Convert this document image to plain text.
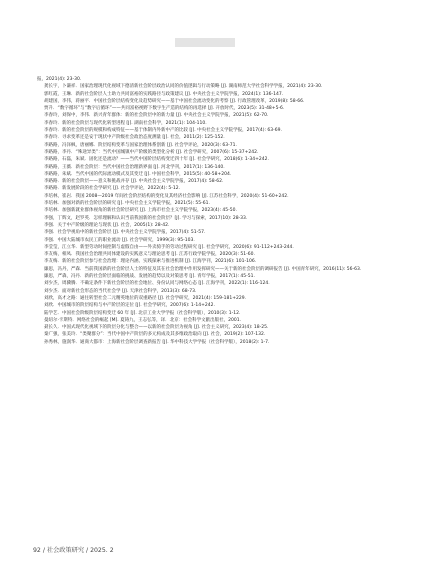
报，2021(4): 23-30.
龚长宇，卜谦祥．国家治理现代化视域下德清新社会阶层政治认同的价值逻辑与行动策略 [J]. 湖南师范大学社会科学学报，2021(4): 23-30.
郭红霞，王琳．新的社会阶层人士助力共同富裕的实践路径与政策建议 [J]. 中央社会主义学院学报，2024(1): 136-147.
胡建国，李伟，蒋丽平．中国社会阶层结构变化及趋势研究——基于中国社会流动变化的考察 [J]. 行政管理改革，2019(8): 58-66.
贾升．“数字循环”与“数字后循环”——共同富裕视野下数字生产造的结构的再选择 [J]. 开放时代，2023(5): 31-48+5-6.
李春玲，刘保中，李伟．新兴青年群体：新的社会阶层中的新力量 [J]. 中央社会主义学院学报，2021(5): 62-70.
李春玲．新的社会阶层与现代化转型进程 [J]. 湖南社会科学，2021(1): 104-110.
李春玲．新的社会阶层的规模和构成特征——基于体制内外新中产的比较 [J]. 中央社会主义学院学报，2017(4): 63-69.
李春玲．寻求变革还是安于现状中产阶级社会政治态度测量 [J]. 社会，2011(2): 125-152.
李路路，冯泽枫，唐丽娜．阶层结构变革与国家治理体系创新 [J]. 社会学评论，2020(3): 63-71.
李路路，李丹．“殊途异类”：当代中国城镇中产阶级的类型化分析 [J]. 社会学研究，2007(6): 15-37+242.
李路路，石磊，朱斌．固化还是流动？——当代中国阶层结构变迁四十年 [J]. 社会学研究，2018(6): 1-34+242.
李路路，王薇．新社会阶层：当代中国社会治理新界面 [J]. 河北学刊，2017(1): 136-140.
李路路，朱斌．当代中国的代际流动模式及其变迁 [J]. 中国社会科学，2015(5): 40-58+204.
李路路．新的社会阶层——意义和挑战并存 [J]. 中央社会主义学院学报，2017(4): 58-62.
李路路．新发展阶段的社会学研究 [J]. 社会学评论，2022(4): 5-12.
李培林，崔岩．我国 2008—2019 年间社会阶层结构的变化及其经济社会影响 [J]. 江苏社会科学，2020(4): 51-60+242.
李培林．加强对新的社会阶层的研究 [J]. 中央社会主义学院学报，2021(5): 55-61.
李培林．加强新就业群体视角的新社会阶层研究 [J]. 上海市社会主义学院学报，2023(4): 45-50.
李强，丁辉文，赵罗英．怎样理解和认识当前我国新的社会阶层？[J]. 学习与探索，2017(10): 28-33.
李强．关于中产阶级的理论与现状 [J]. 社会，2005(1): 28-42.
李强．社会学视角中的新社会阶层 [J]. 中央社会主义学院学报，2017(4): 51-57.
李强．中国大陆城市农民工的职业流动 [J]. 社会学研究，1999(3): 95-103.
李莹莹，江立华．新型劳动时间控制与虚假自由——外卖骑手的劳动过程研究 [J]. 社会学研究，2020(6): 91-112+243-244.
李友梅，相凤．我国社会治理共同体建设的实践意义与理论思考 [J]. 江苏行政学院学报，2020(3): 51-60.
李友梅．新的社会阶层参与社会治理：理论内涵、实践探索与推进机制 [J]. 江海学刊，2021(6): 101-106.
廉思，冯丹，严森．当前我国新的社会阶层人士的特征及其在社会治理中作用发挥研究——关于新的社会阶层的调研报告 [J]. 中国青年研究，2016(11): 56-63.
廉思，严森，冯丹．新的社会阶层面临的挑战、发展的趋势以及对策思考 [J]. 青年学报，2017(1): 45-51.
刘少杰，周骥腾．不确定条件下新社会阶层的社会地位、身份认同与网络心态 [J]. 江海学刊，2022(1): 116-124.
刘少杰．面对新社会形态的当代社会学 [J]. 天津社会科学，2013(3): 68-73.
刘欣，高才之路：通往转型社会二元精英地位的双重路径 [J]. 社会学研究，2021(4): 159-181+229.
刘欣．中国城市的阶层结构与中产阶层的定位 [J]. 社会学研究，2007(6): 1-14+242.
陆学艺．中国社会阶级阶层结构变迁 60 年 [J]. 北京工业大学学报（社会科学版），2010(3): 1-12.
曼纽尔·卡斯特．网络社会的崛起 [M]. 夏铸九，王志弘等，译．北京：社会科学文献出版社，2001.
聂长久．中国式现代化视域下的阶层分化与整合——以新的社会阶层为视角 [J]. 社会主义研究，2023(4): 18-25.
秦广强，张美玲．“类聚群分”：当代中国中产阶层的多元构成及其多维政治取向 [J]. 社会，2019(2): 107-132.
孙秀林，施润华．通商大都市：上海新社会阶层调查新报告 [J]. 华中科技大学学报（社会科学版），2018(2): 1-7.
92 / 社会政策研究 / 2025. 2
